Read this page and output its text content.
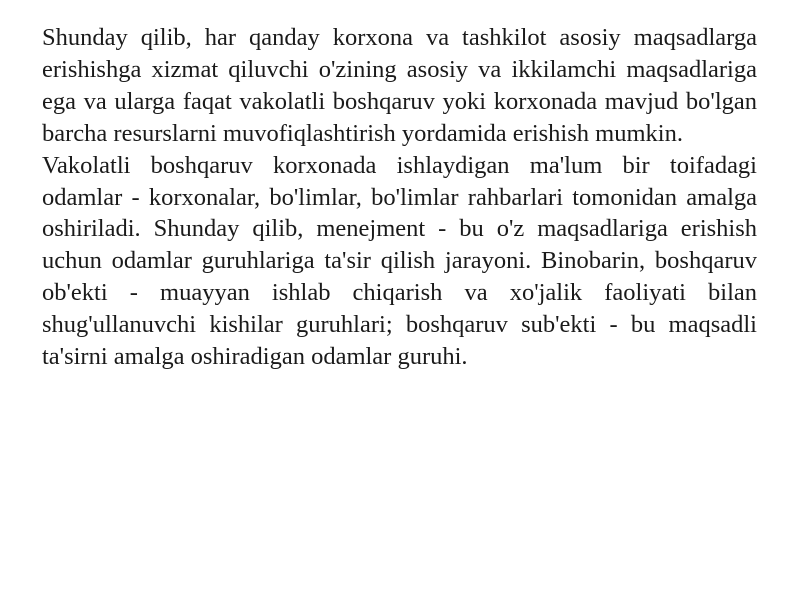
Shunday qilib, har qanday korxona va tashkilot asosiy maqsadlarga erishishga xizmat qiluvchi o'zining asosiy va ikkilamchi maqsadlariga ega va ularga faqat vakolatli boshqaruv yoki korxonada mavjud bo'lgan barcha resurslarni muvofiqlashtirish yordamida erishish mumkin.

Vakolatli boshqaruv korxonada ishlaydigan ma'lum bir toifadagi odamlar - korxonalar, bo'limlar, bo'limlar rahbarlari tomonidan amalga oshiriladi. Shunday qilib, menejment - bu o'z maqsadlariga erishish uchun odamlar guruhlariga ta'sir qilish jarayoni. Binobarin, boshqaruv ob'ekti - muayyan ishlab chiqarish va xo'jalik faoliyati bilan shug'ullanuvchi kishilar guruhlari; boshqaruv sub'ekti - bu maqsadli ta'sirni amalga oshiradigan odamlar guruhi.
